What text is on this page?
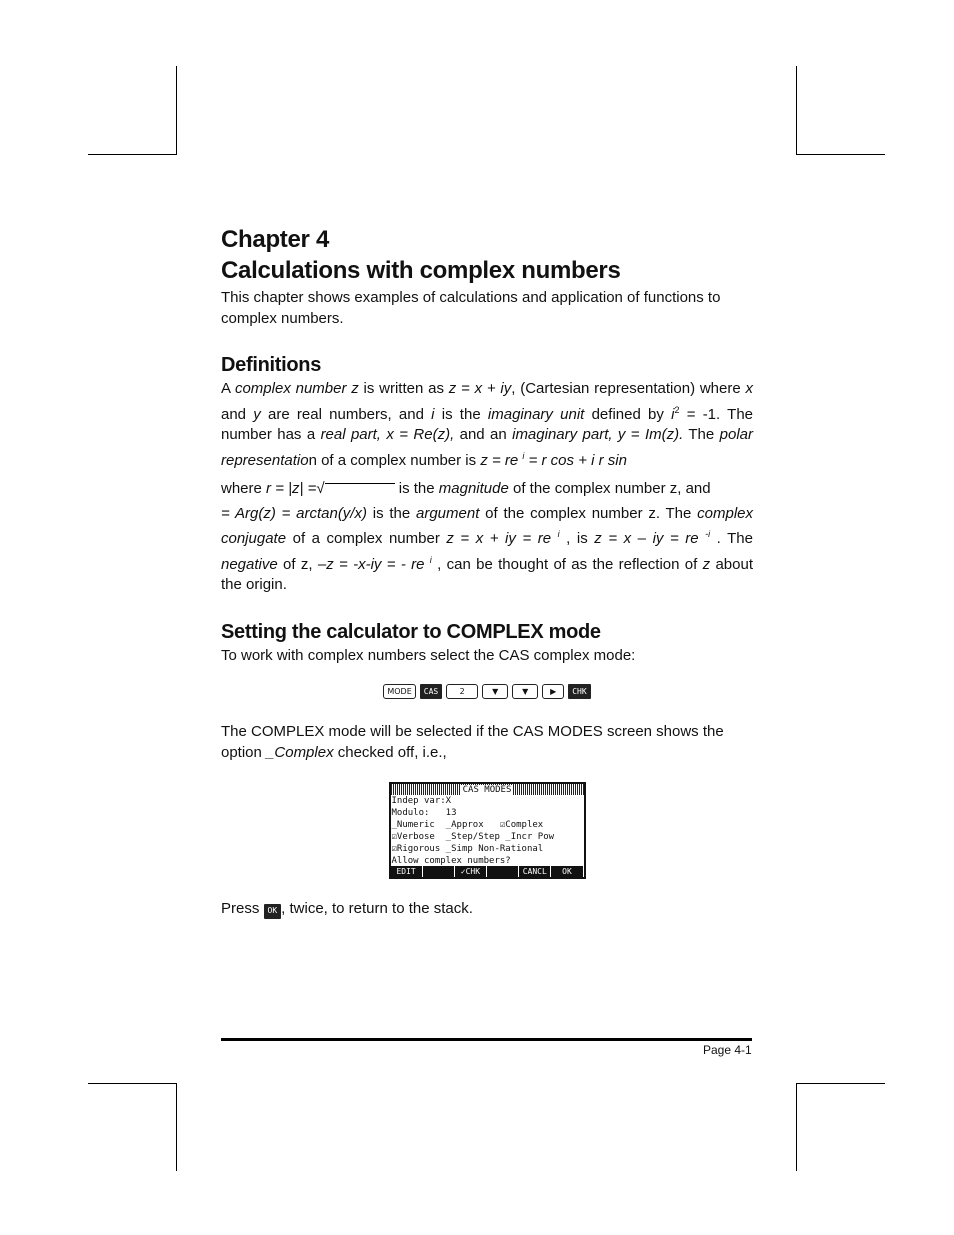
Chapter 4
Calculations with complex numbers

This chapter shows examples of calculations and application of functions to complex numbers.

Definitions

A complex number z is written as z = x + iy, (Cartesian representation) where x and y are real numbers, and i is the imaginary unit defined by $i^2 = -1$. The number has a real part, x = Re(z), and an imaginary part, y = Im(z). The polar representation of a complex number is z = re $^i$ = r cos + i r sin

where r = |z| =√	is the magnitude of the complex number z, and

= Arg(z) = arctan(y/x) is the argument of the complex number z. The complex conjugate of a complex number z = x + iy = re $^i$ , is z = x – iy = re $^{-i}$ . The negative of z, –z = -x-iy = - re $^i$ , can be thought of as the reflection of z about the origin.

Setting the calculator to COMPLEX mode

To work with complex numbers select the CAS complex mode:

MODE	CAS	2	▼	▼	▶	CHK

The COMPLEX mode will be selected if the CAS MODES screen shows the option _Complex checked off, i.e.,

CAS MODES
Indep var:X
Modulo:   13
_Numeric  _Approx   ☑Complex
☑Verbose  _Step/Step _Incr Pow
☑Rigorous _Simp Non-Rational
Allow complex numbers?
EDIT	✓CHK	CANCL	OK

Press OK , twice, to return to the stack.

Page 4-1
